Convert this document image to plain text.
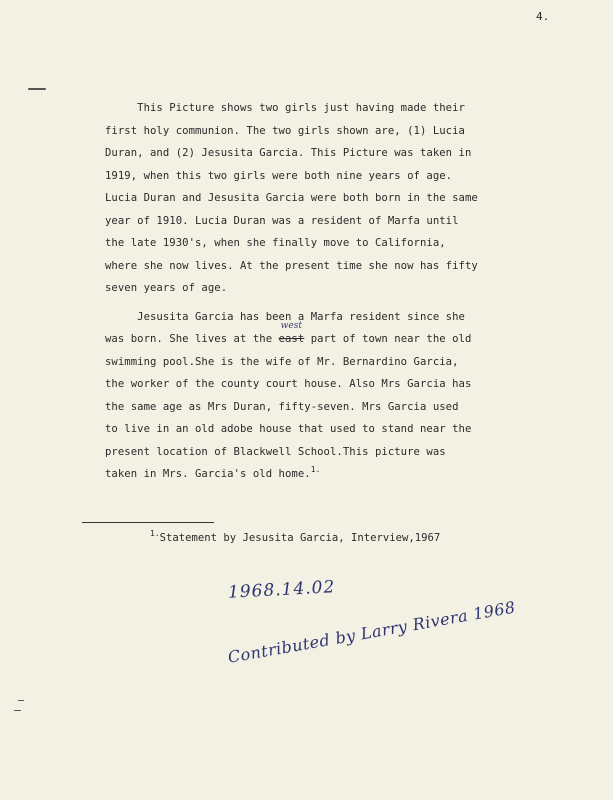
4.
This Picture shows two girls just having made their
first holy communion. The two girls shown are, (1) Lucia
Duran, and (2) Jesusita Garcia. This Picture was taken in
1919, when this two girls were both nine years of age.
Lucia Duran and Jesusita Garcia were both born in the same
year of 1910. Lucia Duran was a resident of Marfa until
the late 1930's, when she finally move to California,
where she now lives. At the present time she now has fifty
seven years of age.
Jesusita Garcia has been a Marfa resident since she
was born. She lives at the east
west
part of town near the old
swimming pool.She is the wife of Mr. Bernardino Garcia,
the worker of the county court house. Also Mrs Garcia has
the same age as Mrs Duran, fifty-seven. Mrs Garcia used
to live in an old adobe house that used to stand near the
present location of Blackwell School.This picture was
taken in Mrs. Garcia's old home.$^{1.}$
$^{1.}$Statement by Jesusita Garcia, Interview,1967
1968.14.02
Contributed by Larry Rivera 1968
